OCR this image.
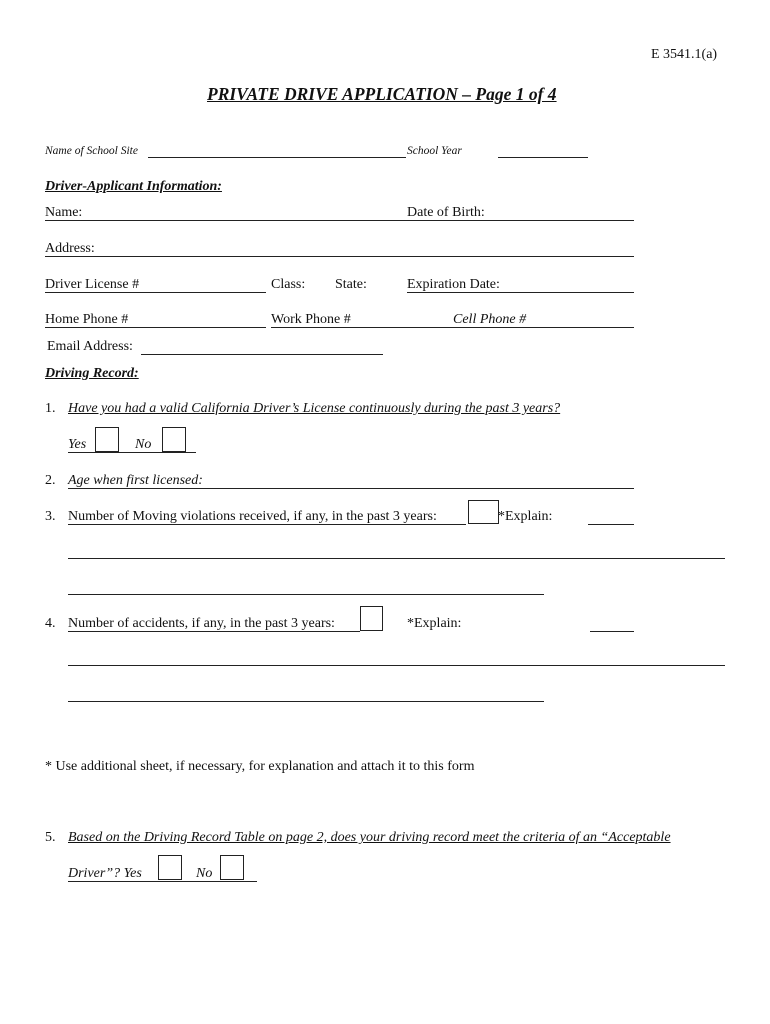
E 3541.1(a)
PRIVATE DRIVE APPLICATION – Page 1 of 4
Name of School Site	School Year
Driver-Applicant Information:
Name:	Date of Birth:
Address:
Driver License #	Class: State:	Expiration Date:
Home Phone #	Work Phone #	Cell Phone #
Email Address:
Driving Record:
1. Have you had a valid California Driver’s License continuously during the past 3 years?
Yes	No
2. Age when first licensed:
3. Number of Moving violations received, if any, in the past 3 years:	*Explain:
4. Number of accidents, if any, in the past 3 years:	*Explain:
* Use additional sheet, if necessary, for explanation and attach it to this form
5. Based on the Driving Record Table on page 2, does your driving record meet the criteria of an “Acceptable
Driver”? Yes	No
